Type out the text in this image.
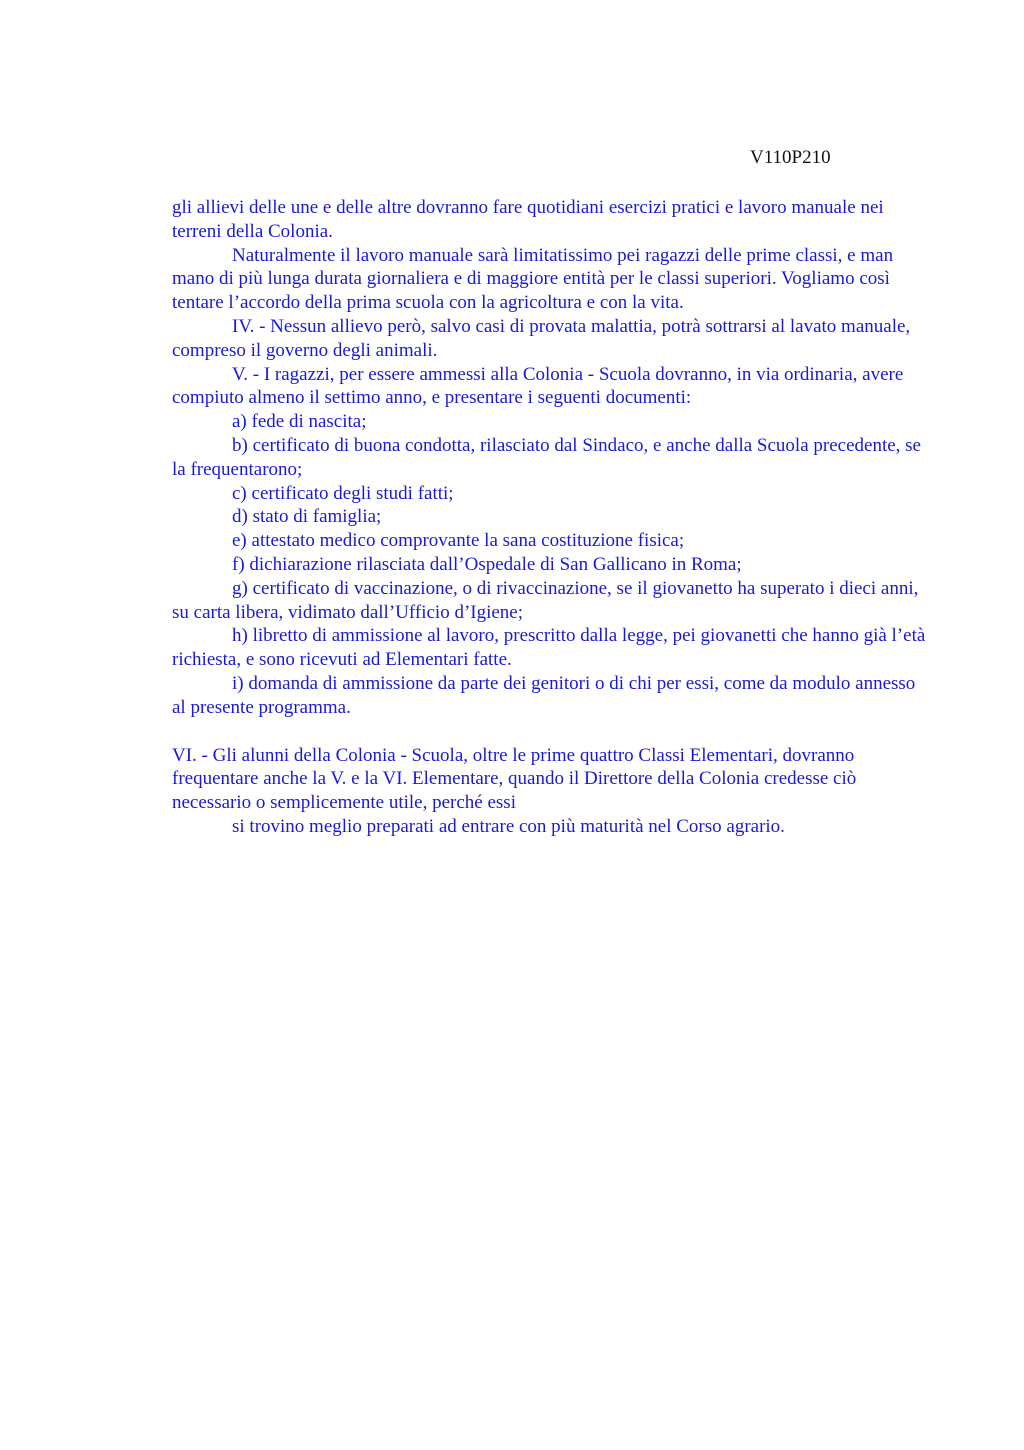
V110P210

gli allievi delle une e delle altre dovranno fare quotidiani esercizi pratici e lavoro manuale nei terreni della Colonia.

Naturalmente il lavoro manuale sarà limitatissimo pei ragazzi delle prime classi, e man mano di più lunga durata giornaliera e di maggiore entità per le classi superiori. Vogliamo così tentare l’accordo della prima scuola con la agricoltura e con la vita.

IV. - Nessun allievo però, salvo casi di provata malattia, potrà sottrarsi al lavato manuale, compreso il governo degli animali.

V. - I ragazzi, per essere ammessi alla Colonia - Scuola dovranno, in via ordinaria, avere compiuto almeno il settimo anno, e presentare i seguenti documenti:

a) fede di nascita;

b) certificato di buona condotta, rilasciato dal Sindaco, e anche dalla Scuola precedente, se la frequentarono;

c) certificato degli studi fatti;

d) stato di famiglia;

e) attestato medico comprovante la sana costituzione fisica;

f) dichiarazione rilasciata dall’Ospedale di San Gallicano in Roma;

g) certificato di vaccinazione, o di rivaccinazione, se il giovanetto ha superato i dieci anni, su carta libera, vidimato dall’Ufficio d’Igiene;

h) libretto di ammissione al lavoro, prescritto dalla legge, pei giovanetti che hanno già l’età richiesta, e sono ricevuti ad Elementari fatte.

i) domanda di ammissione da parte dei genitori o di chi per essi, come da modulo annesso al presente programma.

VI. - Gli alunni della Colonia - Scuola, oltre le prime quattro Classi Elementari, dovranno frequentare anche la V. e la VI. Elementare, quando il Direttore della Colonia credesse ciò necessario o semplicemente utile, perché essi

si trovino meglio preparati ad entrare con più maturità nel Corso agrario.
